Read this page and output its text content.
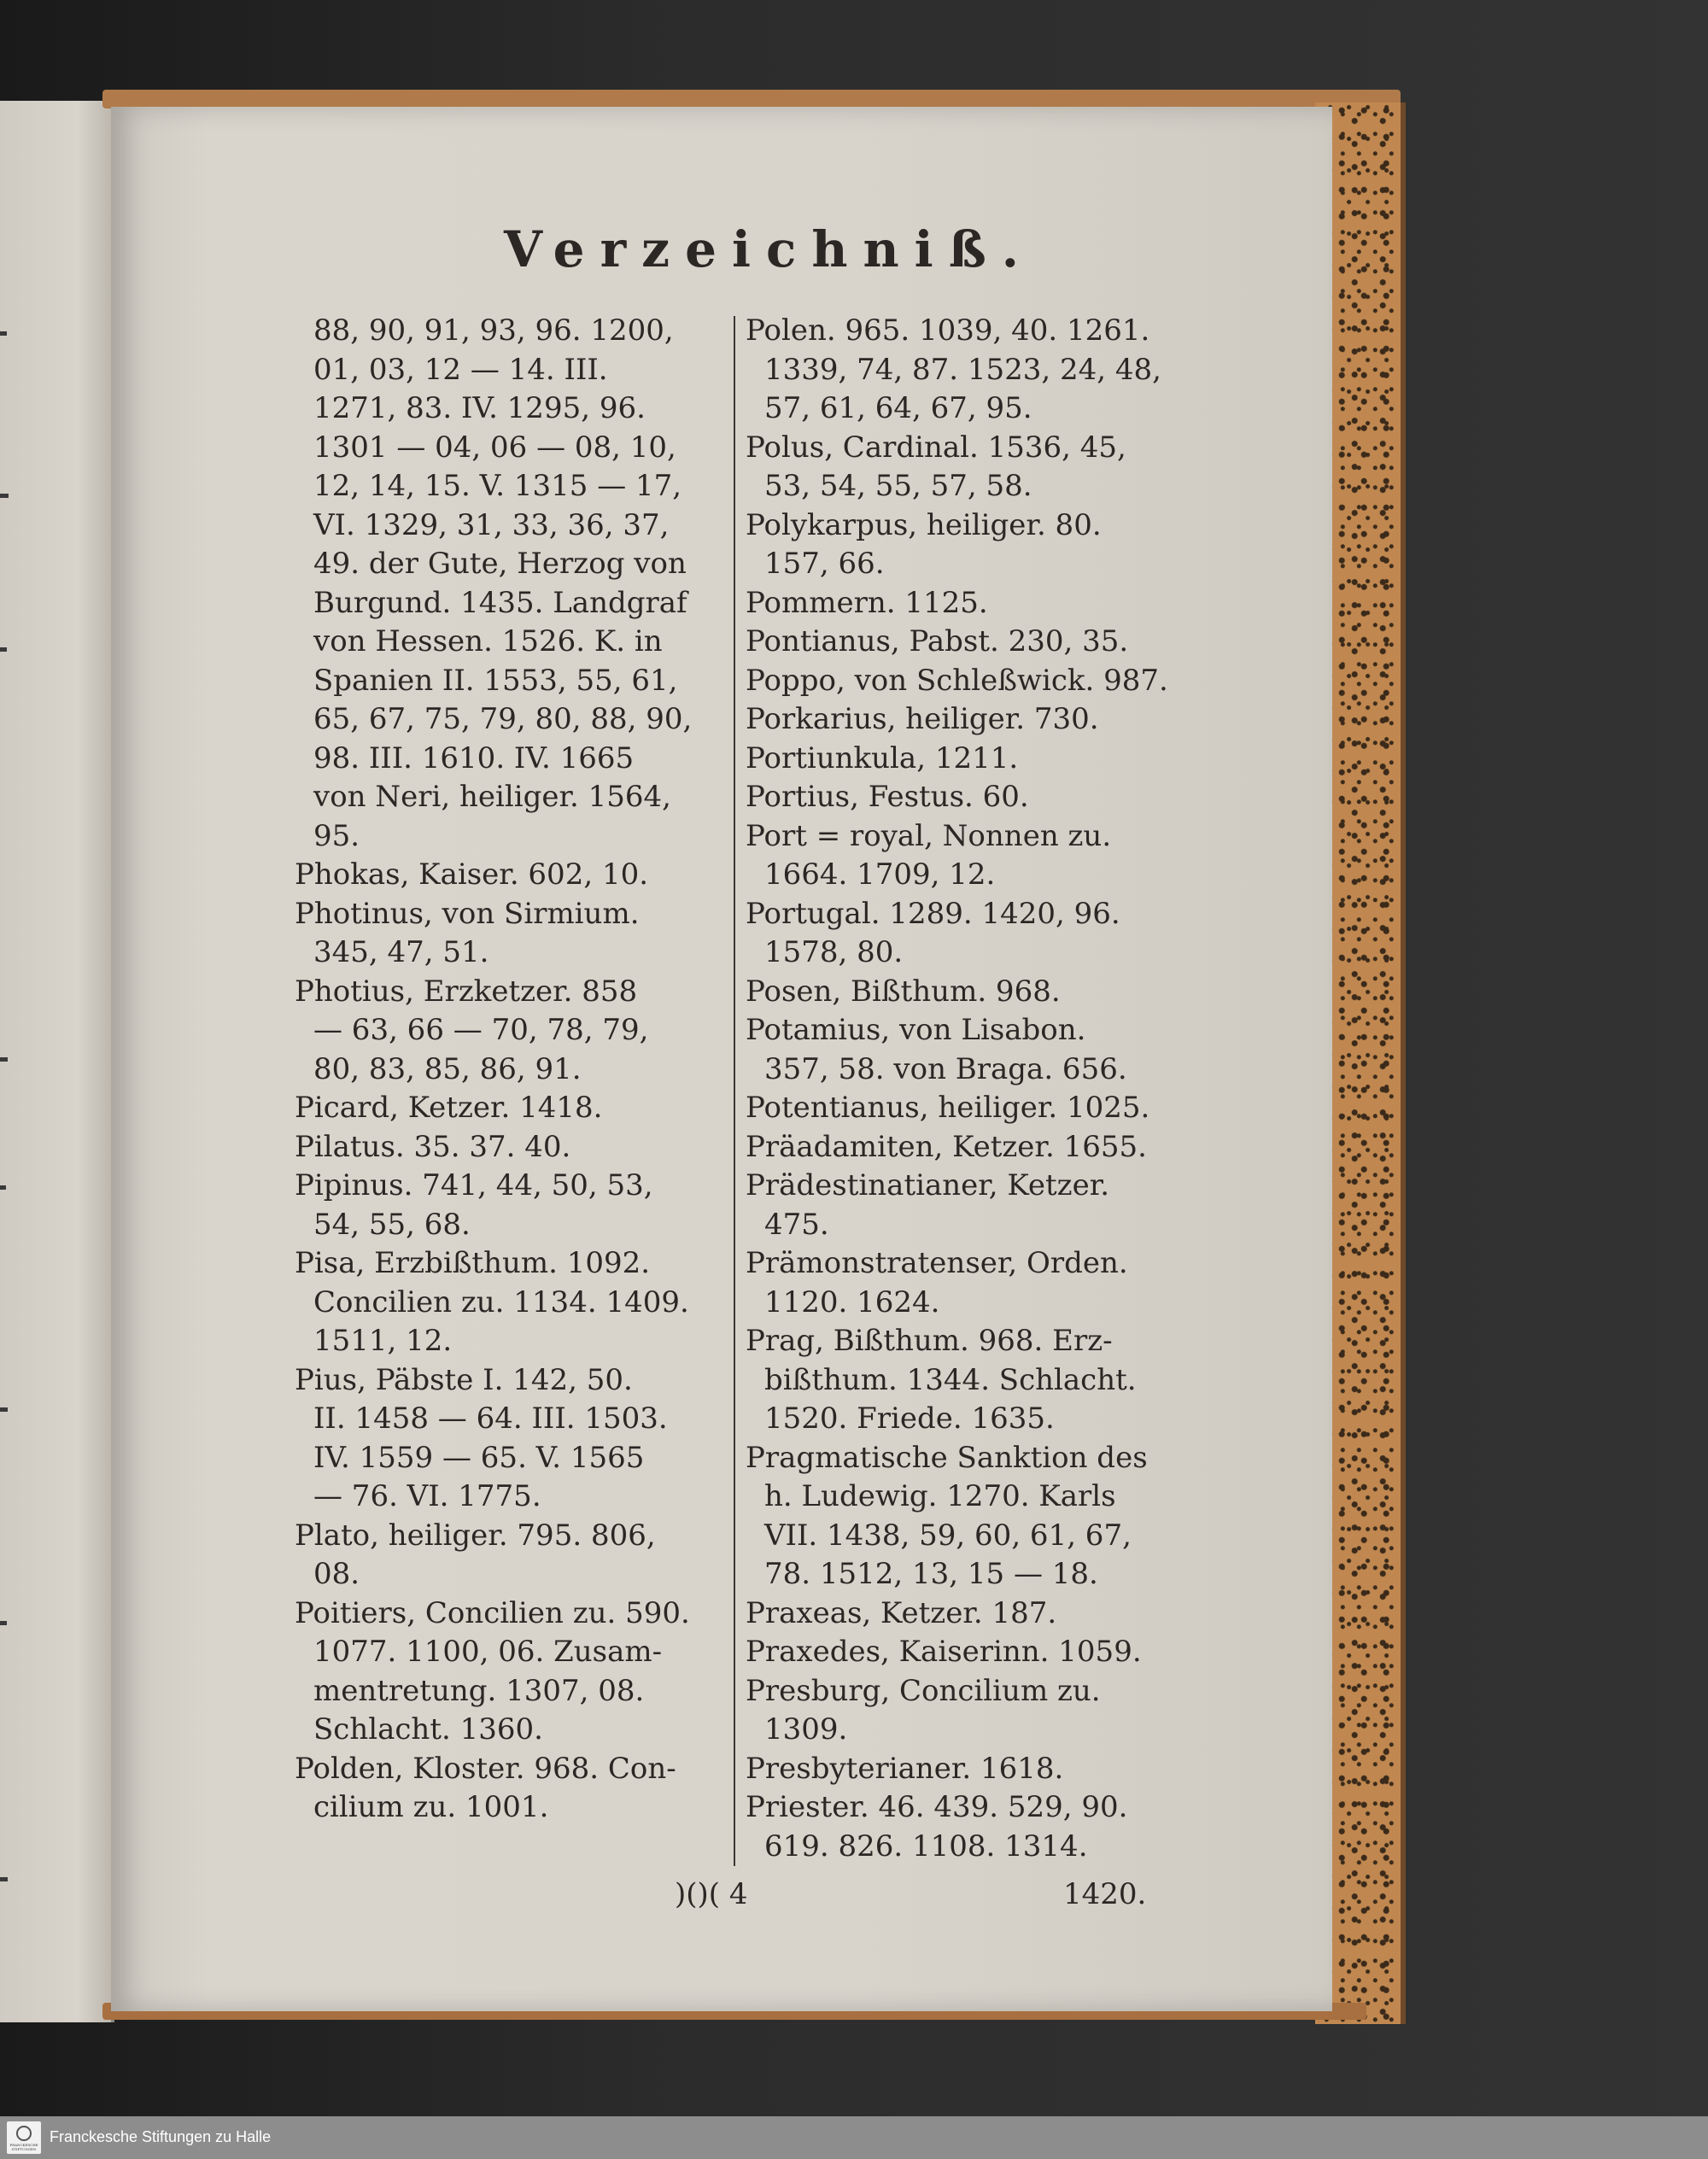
Verzeichniß.
88, 90, 91, 93, 96. 1200,
01, 03, 12 — 14. III.
1271, 83. IV. 1295, 96.
1301 — 04, 06 — 08, 10,
12, 14, 15. V. 1315 — 17,
VI. 1329, 31, 33, 36, 37,
49. der Gute, Herzog von
Burgund. 1435. Landgraf
von Hessen. 1526. K. in
Spanien II. 1553, 55, 61,
65, 67, 75, 79, 80, 88, 90,
98. III. 1610. IV. 1665
von Neri, heiliger. 1564,
95.
Phokas, Kaiser. 602, 10.
Photinus, von Sirmium.
345, 47, 51.
Photius, Erzketzer. 858
— 63, 66 — 70, 78, 79,
80, 83, 85, 86, 91.
Picard, Ketzer. 1418.
Pilatus. 35. 37. 40.
Pipinus. 741, 44, 50, 53,
54, 55, 68.
Pisa, Erzbißthum. 1092.
Concilien zu. 1134. 1409.
1511, 12.
Pius, Päbste I. 142, 50.
II. 1458 — 64. III. 1503.
IV. 1559 — 65. V. 1565
— 76. VI. 1775.
Plato, heiliger. 795. 806,
08.
Poitiers, Concilien zu. 590.
1077. 1100, 06. Zusam-
mentretung. 1307, 08.
Schlacht. 1360.
Polden, Kloster. 968. Con-
cilium zu. 1001.
Polen. 965. 1039, 40. 1261.
1339, 74, 87. 1523, 24, 48,
57, 61, 64, 67, 95.
Polus, Cardinal. 1536, 45,
53, 54, 55, 57, 58.
Polykarpus, heiliger. 80.
157, 66.
Pommern. 1125.
Pontianus, Pabst. 230, 35.
Poppo, von Schleßwick. 987.
Porkarius, heiliger. 730.
Portiunkula, 1211.
Portius, Festus. 60.
Port = royal, Nonnen zu.
1664. 1709, 12.
Portugal. 1289. 1420, 96.
1578, 80.
Posen, Bißthum. 968.
Potamius, von Lisabon.
357, 58. von Braga. 656.
Potentianus, heiliger. 1025.
Präadamiten, Ketzer. 1655.
Prädestinatianer, Ketzer.
475.
Prämonstratenser, Orden.
1120. 1624.
Prag, Bißthum. 968. Erz-
bißthum. 1344. Schlacht.
1520. Friede. 1635.
Pragmatische Sanktion des
h. Ludewig. 1270. Karls
VII. 1438, 59, 60, 61, 67,
78. 1512, 13, 15 — 18.
Praxeas, Ketzer. 187.
Praxedes, Kaiserinn. 1059.
Presburg, Concilium zu.
1309.
Presbyterianer. 1618.
Priester. 46. 439. 529, 90.
619. 826. 1108. 1314.
)()( 4	1420.
FRANCKESCHE STIFTUNGEN
Franckesche Stiftungen zu Halle
